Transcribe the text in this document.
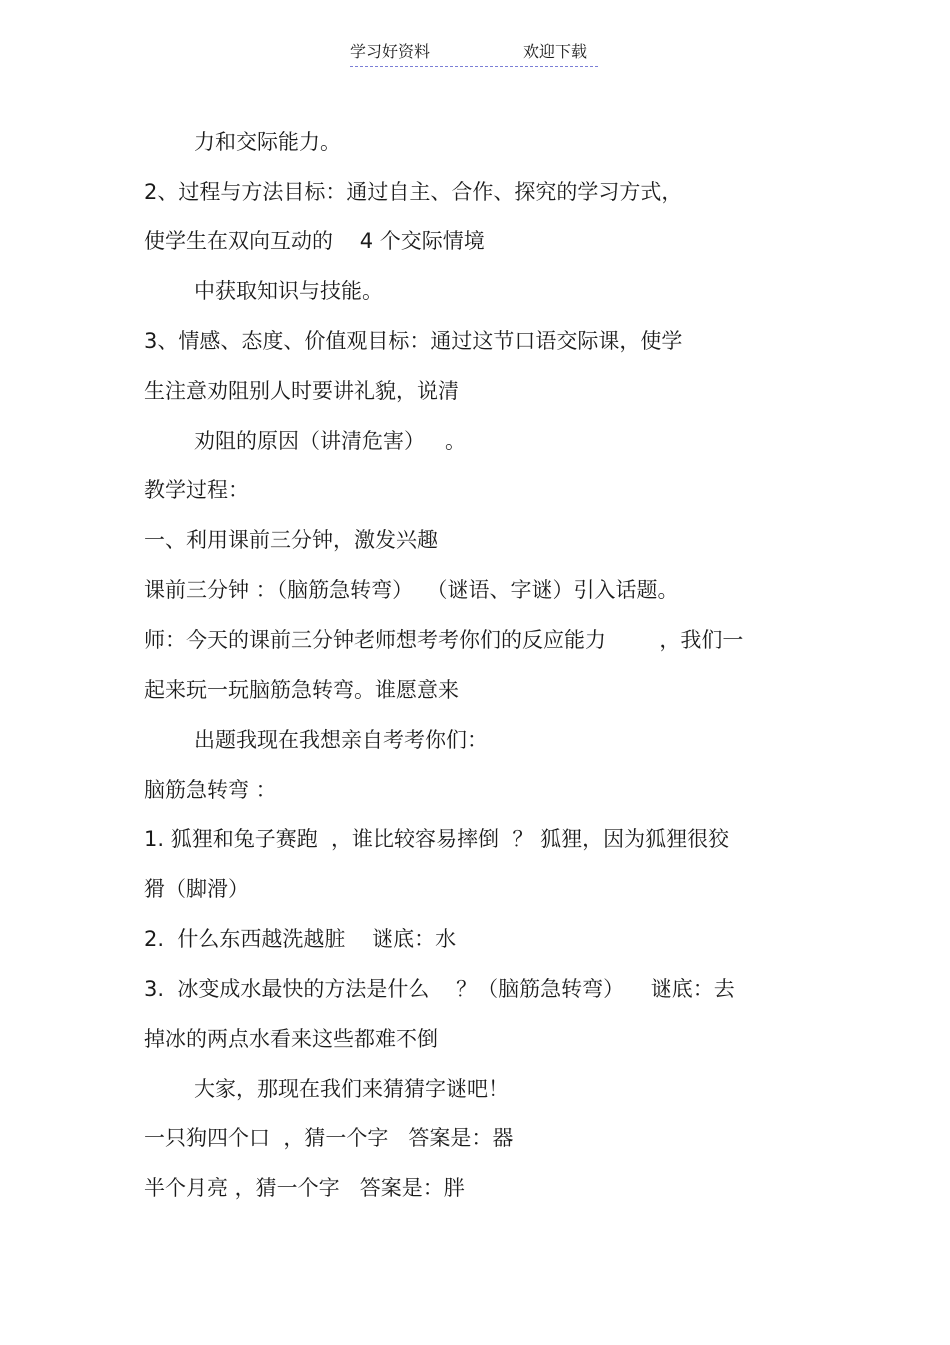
学习好资料	欢迎下载
力和交际能力。
2、过程与方法目标：通过自主、合作、探究的学习方式，
使学生在双向互动的    4 个交际情境
中获取知识与技能。
3、情感、态度、价值观目标：通过这节口语交际课，使学
生注意劝阻别人时要讲礼貌，说清
劝阻的原因（讲清危害）   。
教学过程：
一、利用课前三分钟，激发兴趣
课前三分钟 ：（脑筋急转弯）  （谜语、字谜）引入话题。
师：今天的课前三分钟老师想考考你们的反应能力        ，我们一
起来玩一玩脑筋急转弯。谁愿意来
出题我现在我想亲自考考你们：
脑筋急转弯 ：
1. 狐狸和兔子赛跑  ，谁比较容易摔倒  ？ 狐狸，因为狐狸很狡
猾（脚滑）
2.  什么东西越洗越脏    谜底：水
3.  冰变成水最快的方法是什么    ？（脑筋急转弯）    谜底：去
掉冰的两点水看来这些都难不倒
大家，那现在我们来猜猜字谜吧！
一只狗四个口  ，猜一个字   答案是：器
半个月亮 ，猜一个字   答案是：胖
